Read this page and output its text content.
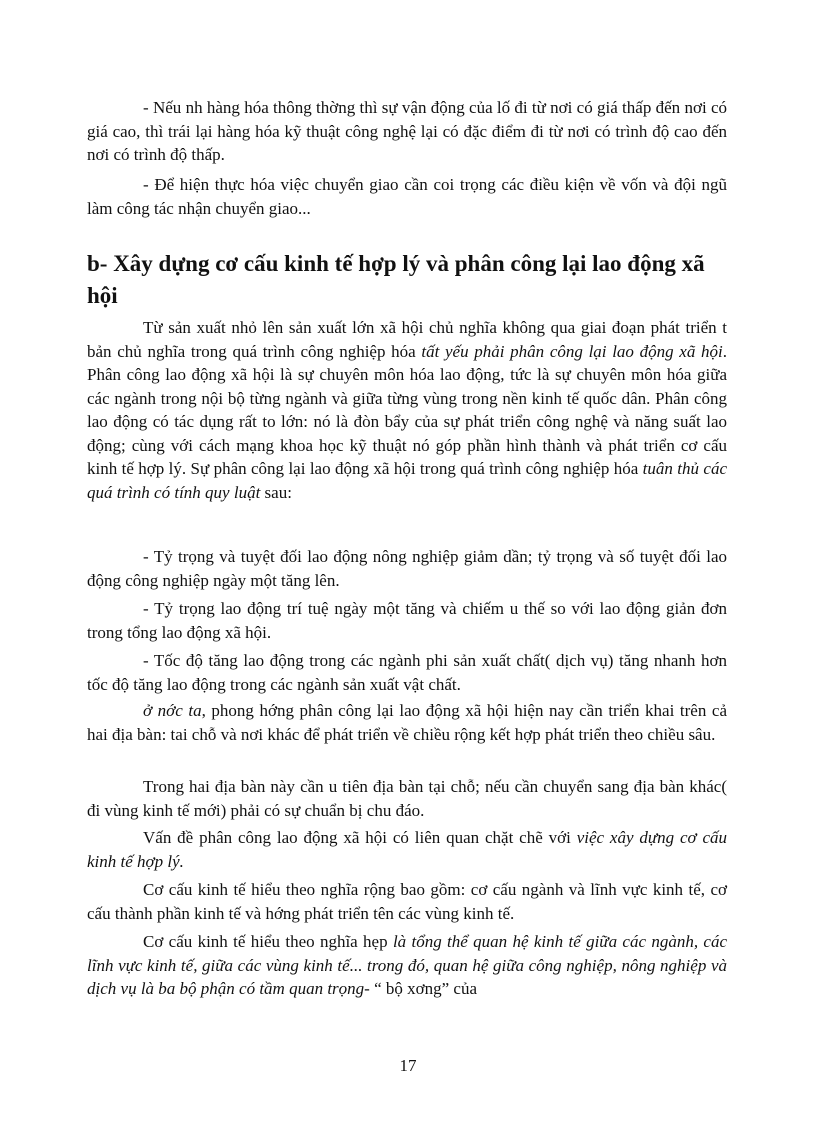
- Nếu nh hàng hóa thông thờng thì sự vận động của lố đi từ nơi có giá thấp đến nơi có giá cao, thì trái lại hàng hóa kỹ thuật công nghệ lại có đặc điểm đi từ nơi có trình độ cao đến nơi có trình độ thấp.

- Để hiện thực hóa việc chuyển giao cần coi trọng các điều kiện về vốn và đội ngũ làm công tác nhận chuyển giao...

b- Xây dựng cơ cấu kinh tế hợp lý và phân công lại lao động xã hội

Từ sản xuất nhỏ lên sản xuất lớn xã hội chủ nghĩa không qua giai đoạn phát triển t bản chủ nghĩa trong quá trình công nghiệp hóa tất yếu phải phân công lại lao động xã hội. Phân công lao động xã hội là sự chuyên môn hóa lao động, tức là sự chuyên môn hóa giữa các ngành trong nội bộ từng ngành và giữa từng vùng trong nền kinh tế quốc dân. Phân công lao động có tác dụng rất to lớn: nó là đòn bẩy của sự phát triển công nghệ và năng suất lao động; cùng với cách mạng khoa học kỹ thuật nó góp phần hình thành và phát triển cơ cấu kinh tế hợp lý. Sự phân công lại lao động xã hội trong quá trình công nghiệp hóa tuân thủ các quá trình có tính quy luật sau:

- Tỷ trọng và tuyệt đối lao động nông nghiệp giảm dần; tỷ trọng và số tuyệt đối lao động công nghiệp ngày một tăng lên.

- Tỷ trọng lao động trí tuệ ngày một tăng và chiếm u thế so với lao động giản đơn trong tổng lao động xã hội.

- Tốc độ tăng lao động trong các ngành phi sản xuất chất( dịch vụ) tăng nhanh hơn tốc độ tăng lao động trong các ngành sản xuất vật chất.

ở nớc ta, phong hớng phân công lại lao động xã hội hiện nay cần triển khai trên cả hai địa bàn: tai chỗ và nơi khác để phát triển về chiều rộng kết hợp phát triển theo chiều sâu.

Trong hai địa bàn này cần u tiên địa bàn tại chỗ; nếu cần chuyển sang địa bàn khác( đi vùng kinh tế mới) phải có sự chuẩn bị chu đáo.

Vấn đề phân công lao động xã hội có liên quan chặt chẽ với việc xây dựng cơ cấu kinh tế hợp lý.

Cơ cấu kinh tế hiểu theo nghĩa rộng bao gồm: cơ cấu ngành và lĩnh vực kinh tế, cơ cấu thành phần kinh tế và hớng phát triển tên các vùng kinh tế.

Cơ cấu kinh tế hiểu theo nghĩa hẹp là tổng thể quan hệ kinh tế giữa các ngành, các lĩnh vực kinh tế, giữa các vùng kinh tế... trong đó, quan hệ giữa công nghiệp, nông nghiệp và dịch vụ là ba bộ phận có tầm quan trọng- “ bộ xơng” của

17
